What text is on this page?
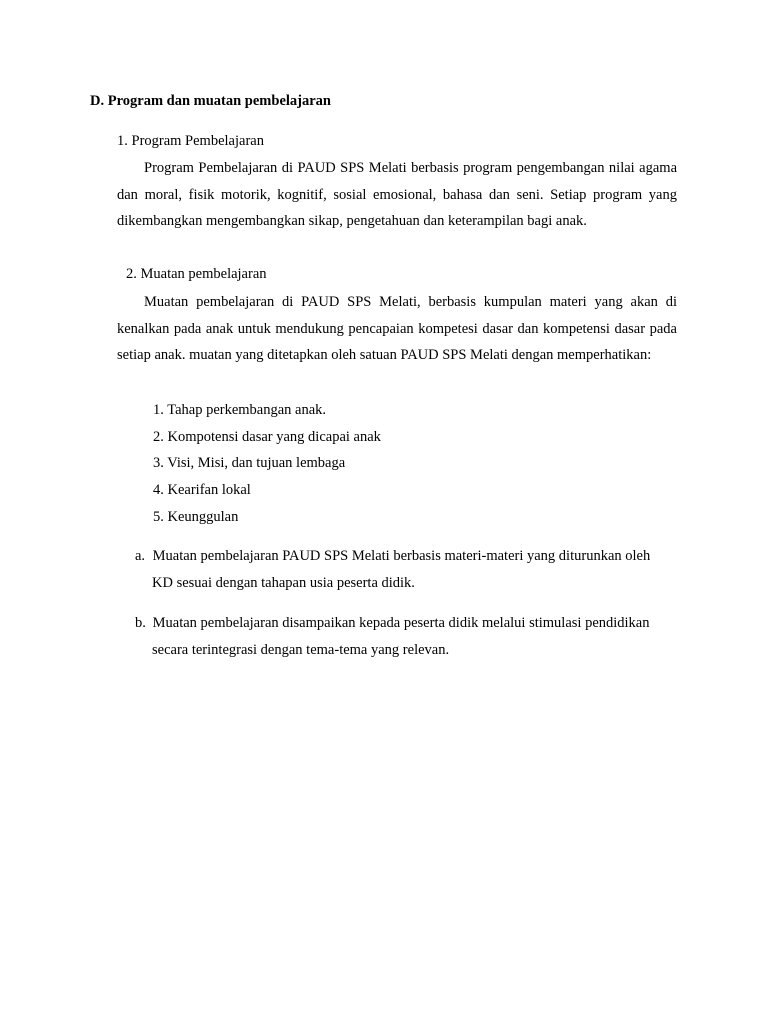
D. Program dan muatan pembelajaran
1. Program Pembelajaran
Program Pembelajaran di PAUD SPS Melati berbasis program pengembangan nilai agama dan moral, fisik motorik, kognitif, sosial emosional, bahasa dan seni. Setiap program yang dikembangkan mengembangkan sikap, pengetahuan dan keterampilan bagi anak.
2. Muatan pembelajaran
Muatan pembelajaran di PAUD SPS Melati, berbasis kumpulan materi yang akan di kenalkan pada anak untuk mendukung pencapaian kompetesi dasar dan kompetensi dasar pada setiap anak. muatan yang ditetapkan oleh satuan PAUD SPS Melati dengan memperhatikan:
1. Tahap perkembangan anak.
2. Kompotensi dasar yang dicapai anak
3. Visi, Misi, dan tujuan lembaga
4. Kearifan lokal
5. Keunggulan
a. Muatan pembelajaran PAUD SPS Melati berbasis materi-materi yang diturunkan oleh
KD sesuai dengan tahapan usia peserta didik.
b. Muatan pembelajaran disampaikan kepada peserta didik melalui stimulasi pendidikan
secara terintegrasi dengan tema-tema yang relevan.
